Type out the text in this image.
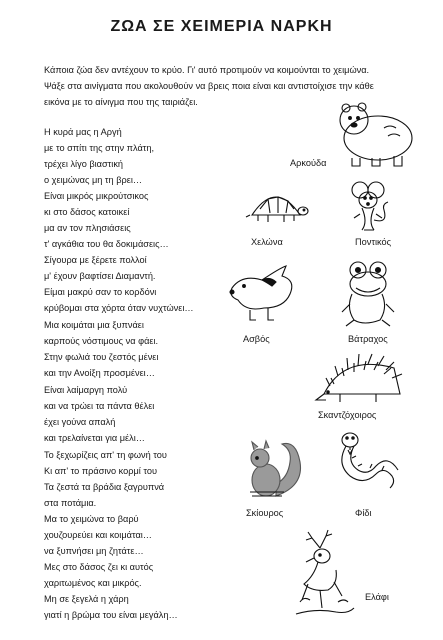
ΖΩΑ ΣΕ ΧΕΙΜΕΡΙΑ ΝΑΡΚΗ
Κάποια ζώα δεν αντέχουν το κρύο. Γι' αυτό προτιμούν να κοιμούνται το χειμώνα.
Ψάξε στα αινίγματα που ακολουθούν να βρεις ποια είναι και αντιστοίχισε την κάθε
εικόνα με το αίνιγμα που της ταιριάζει.
Η κυρά μας η Αργή
με το σπίτι της στην πλάτη,
τρέχει λίγο βιαστική
ο χειμώνας μη τη βρει…
Είναι μικρός μικρούτσικος
κι στο δάσος κατοικεί
μα αν τον πλησιάσεις
τ' αγκάθια του θα δοκιμάσεις…
Σίγουρα με ξέρετε πολλοί
μ' έχουν βαφτίσει Διαμαντή.
Είμαι μακρύ σαν το κορδόνι
κρύβομαι στα χόρτα όταν νυχτώνει…
Μια κοιμάται μια ξυπνάει
καρπούς νόστιμους να φάει.
Στην φωλιά του ζεστός μένει
και την Ανοίξη προσμένει…
Είναι λαίμαργη πολύ
και να τρώει τα πάντα θέλει
έχει γούνα απαλή
και τρελαίνεται για μέλι…
Το ξεχωρίζεις απ' τη φωνή του
Κι απ' το πράσινο κορμί του
Τα ζεστά τα βράδια ξαγρυπνά
στα ποτάμια.
Μα το χειμώνα το βαρύ
χουζουρεύει και κοιμάται…
να ξυπνήσει μη ζητάτε…
Μες στο δάσος ζει κι αυτός
χαριτωμένος και μικρός.
Μη σε ξεγελά η χάρη
γιατί η βρώμα του είναι μεγάλη…
Αρκούδα
Χελώνα	Ποντικός
Ασβός	Βάτραχος
Σκαντζόχοιρος
Σκίουρος	Φίδι
Ελάφι
